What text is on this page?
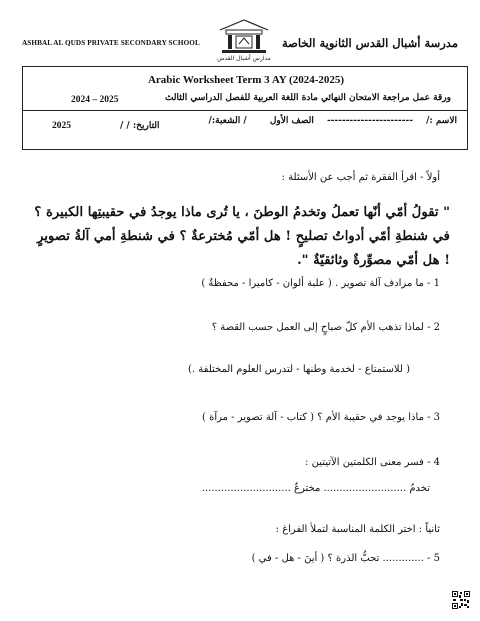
ASHBAL AL QUDS PRIVATE SECONDARY SCHOOL
مدارس أشبال القدس
مدرسة أشبال القدس الثانوية الخاصة
Arabic Worksheet Term 3 AY (2024-2025)
ورقة عمل مراجعة الامتحان النهائي مادة اللغة العربية للفصل الدراسي الثالث
2024 – 2025
الاسم :/ ----------------------- الصف الأول / الشعبة:/
التاريخ: / /
2025
أولاً - اقرأ الفقرة ثم أجب عن الأسئلة :
" تقولُ أمّي أنّها تعملُ وتخدمُ الوطنَ ، يا تُرى ماذا يوجدُ في حقيبتِها الكبيرة ؟ في شنطةِ أمّي أدواتُ تصليحٍ ! هل أمّي مُخترعةٌ ؟ في شنطةِ أمي آلةُ تصويرٍ ! هل أمّي مصوِّرةٌ وثائقيّةٌ ".
1 - ما مرادف آلة تصوير . ( علبة ألوان - كاميرا - محفظةٌ )
2 - لماذا تذهب الأم كلّ صباحٍ إلى العمل حسب القصة ؟
( للاستمتاع - لخدمة وطنها - لتدرس العلوم المختلفة .)
3 - ماذا يوجد في حقيبة الأم ؟ ( كتاب - آلة تصوير - مرآة )
4 - فسر معنى الكلمتين الآتيتين :
تخدمُ .......................... مخترعٌ ............................
ثانياً : اختر الكلمة المناسبة لتملأ الفراغ :
5 - ............. تحبُّ الذرة ؟ ( أينَ - هل - في )
